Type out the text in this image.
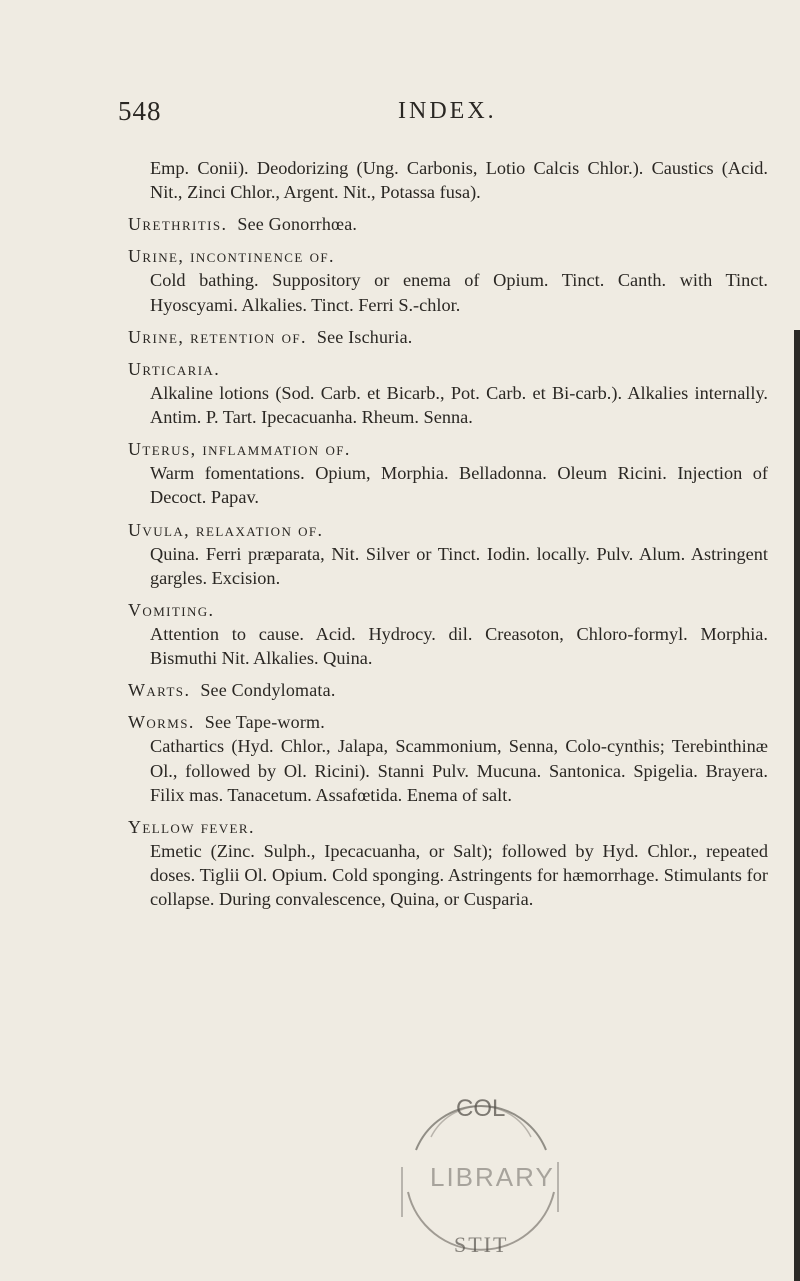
548	INDEX.
Emp. Conii). Deodorizing (Ung. Carbonis, Lotio Calcis Chlor.). Caustics (Acid. Nit., Zinci Chlor., Argent. Nit., Potassa fusa).
Urethritis. See Gonorrhœa.
Urine, incontinence of.
Cold bathing. Suppository or enema of Opium. Tinct. Canth. with Tinct. Hyoscyami. Alkalies. Tinct. Ferri S.-chlor.
Urine, retention of. See Ischuria.
Urticaria.
Alkaline lotions (Sod. Carb. et Bicarb., Pot. Carb. et Bi-carb.). Alkalies internally. Antim. P. Tart. Ipecacuanha. Rheum. Senna.
Uterus, inflammation of.
Warm fomentations. Opium, Morphia. Belladonna. Oleum Ricini. Injection of Decoct. Papav.
Uvula, relaxation of.
Quina. Ferri præparata, Nit. Silver or Tinct. Iodin. locally. Pulv. Alum. Astringent gargles. Excision.
Vomiting.
Attention to cause. Acid. Hydrocy. dil. Creasoton, Chloro-formyl. Morphia. Bismuthi Nit. Alkalies. Quina.
Warts. See Condylomata.
Worms. See Tape-worm.
Cathartics (Hyd. Chlor., Jalapa, Scammonium, Senna, Colo-cynthis; Terebinthinæ Ol., followed by Ol. Ricini). Stanni Pulv. Mucuna. Santonica. Spigelia. Brayera. Filix mas. Tanacetum. Assafœtida. Enema of salt.
Yellow fever.
Emetic (Zinc. Sulph., Ipecacuanha, or Salt); followed by Hyd. Chlor., repeated doses. Tiglii Ol. Opium. Cold sponging. Astringents for hæmorrhage. Stimulants for collapse. During convalescence, Quina, or Cusparia.
COL
LIBRARY
STIT
